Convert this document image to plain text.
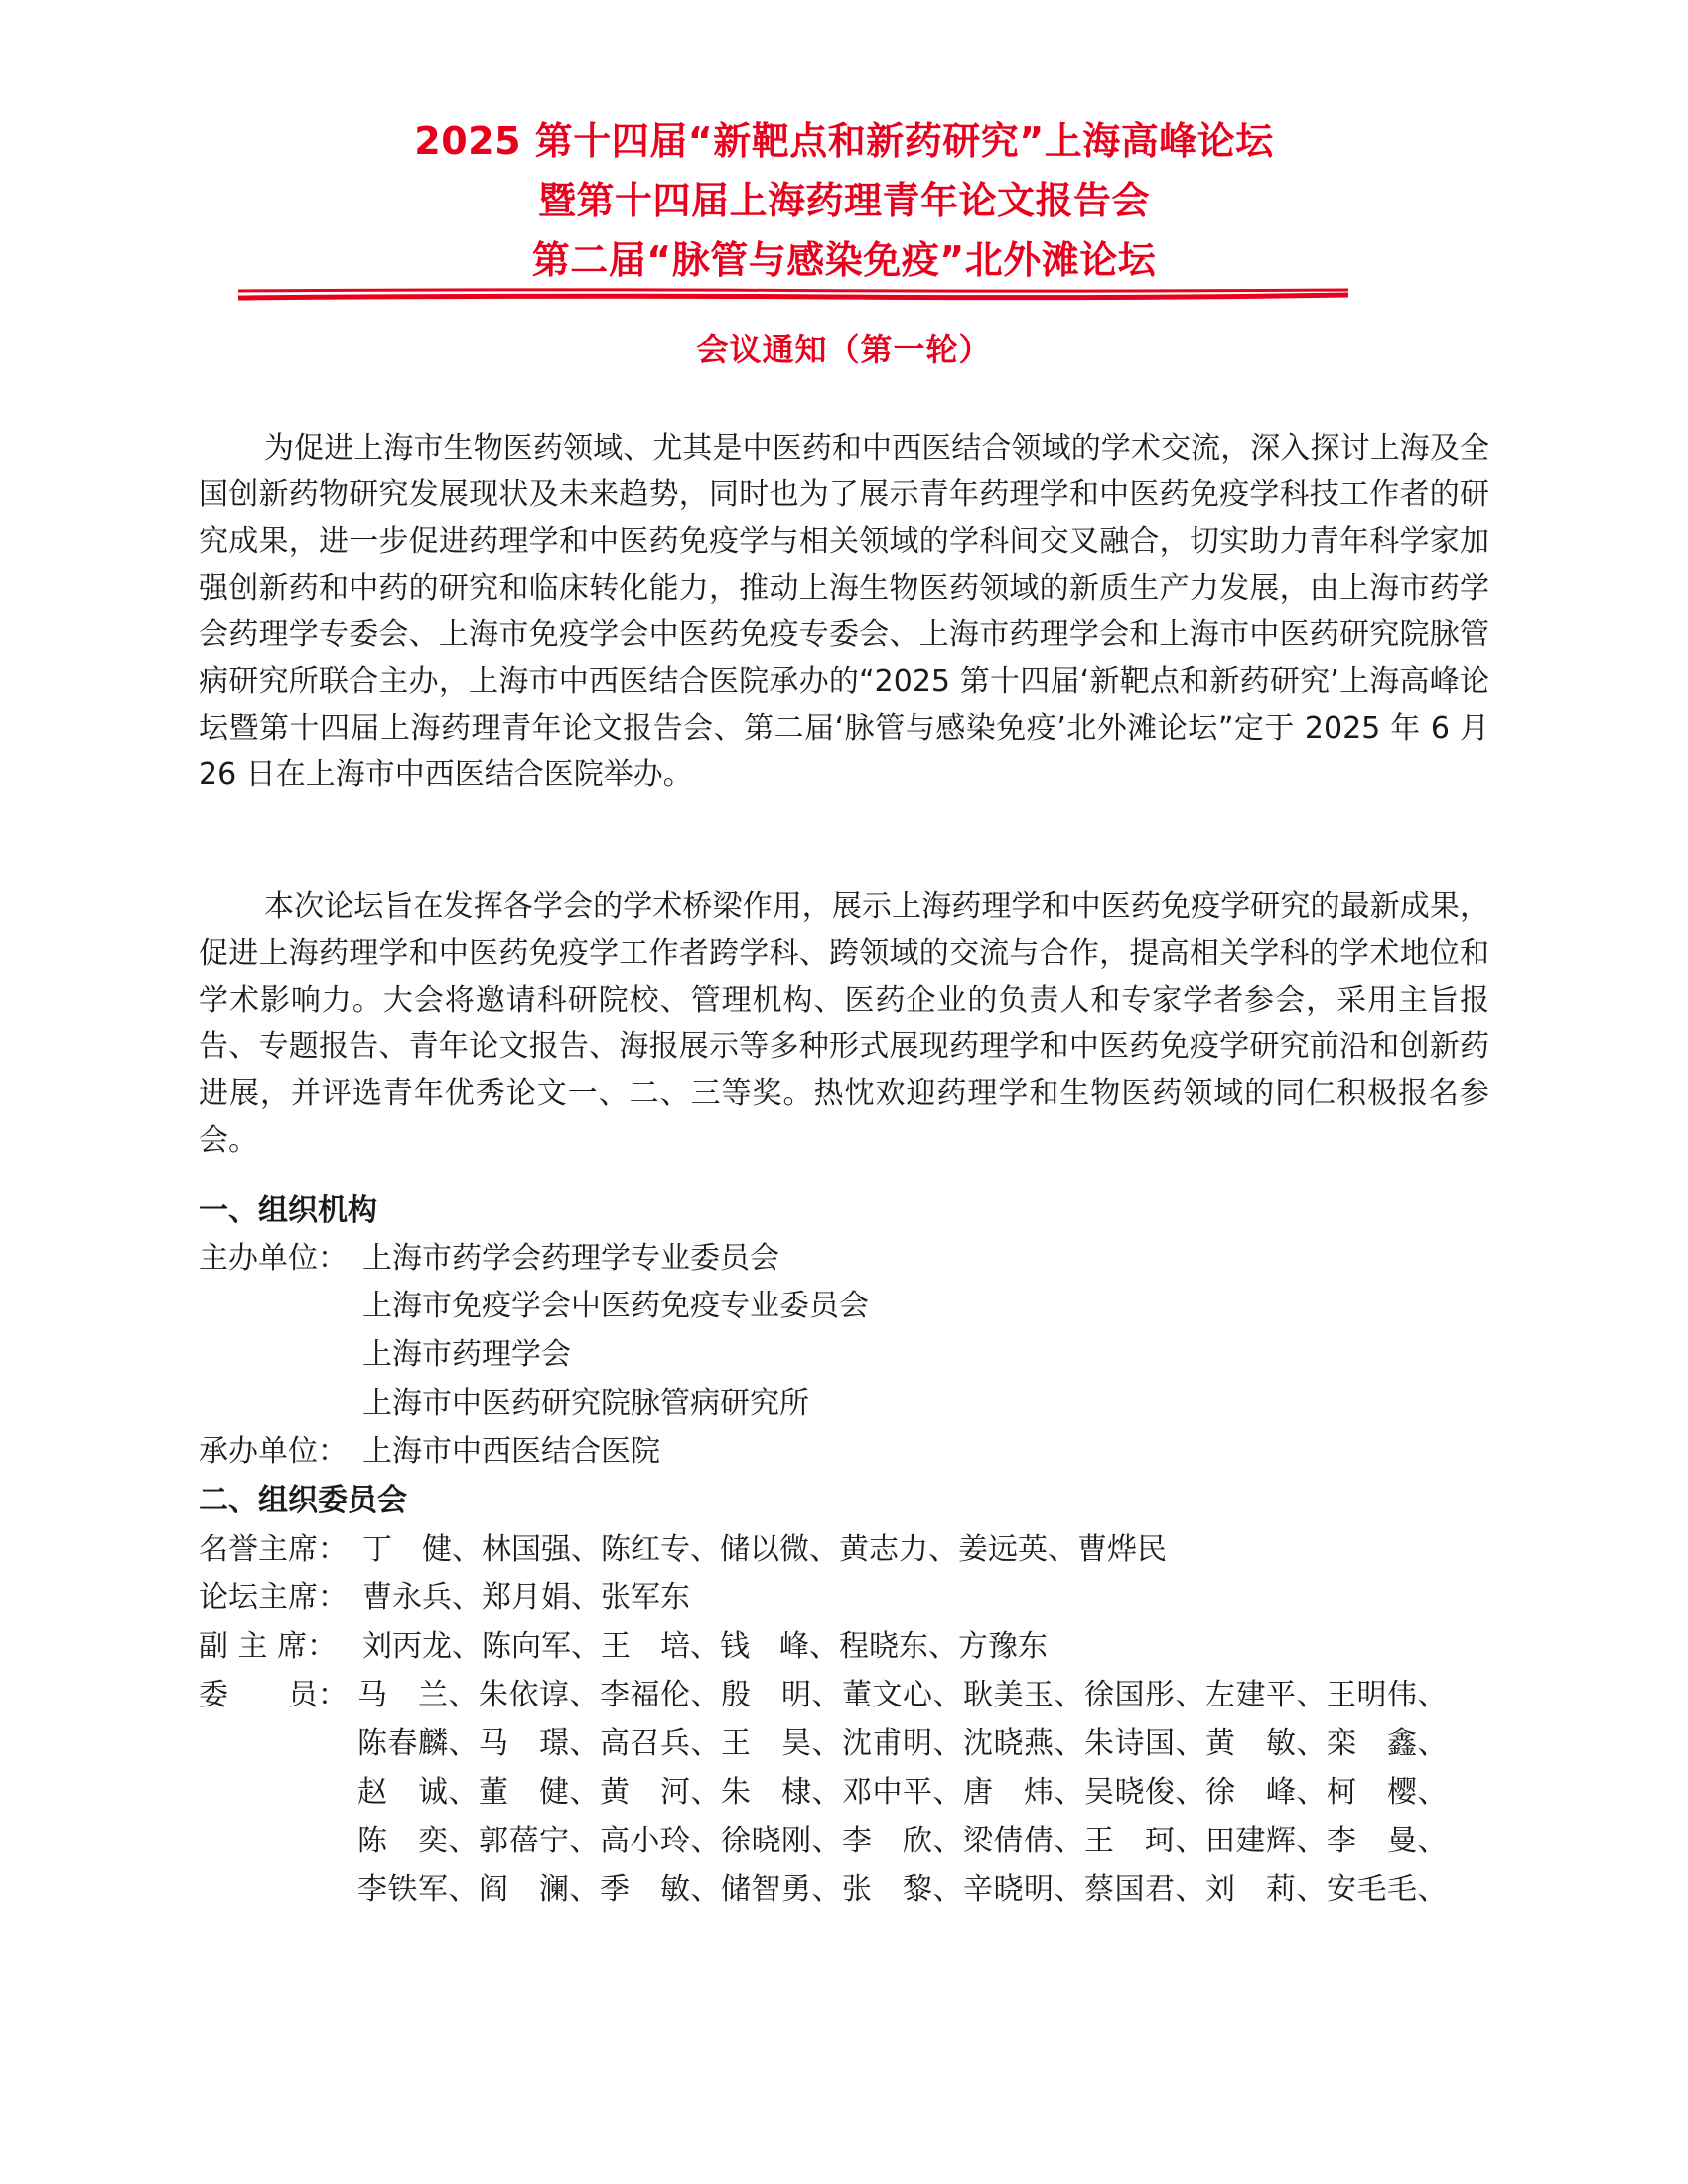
2025 第十四届“新靶点和新药研究”上海高峰论坛
暨第十四届上海药理青年论文报告会
第二届“脉管与感染免疫”北外滩论坛
会议通知（第一轮）

为促进上海市生物医药领域、尤其是中医药和中西医结合领域的学术交流，深入探讨上海及全国创新药物研究发展现状及未来趋势，同时也为了展示青年药理学和中医药免疫学科技工作者的研究成果，进一步促进药理学和中医药免疫学与相关领域的学科间交叉融合，切实助力青年科学家加强创新药和中药的研究和临床转化能力，推动上海生物医药领域的新质生产力发展，由上海市药学会药理学专委会、上海市免疫学会中医药免疫专委会、上海市药理学会和上海市中医药研究院脉管病研究所联合主办，上海市中西医结合医院承办的“2025 第十四届‘新靶点和新药研究’上海高峰论坛暨第十四届上海药理青年论文报告会、第二届‘脉管与感染免疫’北外滩论坛”定于 2025 年 6 月 26 日在上海市中西医结合医院举办。

本次论坛旨在发挥各学会的学术桥梁作用，展示上海药理学和中医药免疫学研究的最新成果，促进上海药理学和中医药免疫学工作者跨学科、跨领域的交流与合作，提高相关学科的学术地位和学术影响力。大会将邀请科研院校、管理机构、医药企业的负责人和专家学者参会，采用主旨报告、专题报告、青年论文报告、海报展示等多种形式展现药理学和中医药免疫学研究前沿和创新药进展，并评选青年优秀论文一、二、三等奖。热忱欢迎药理学和生物医药领域的同仁积极报名参会。

一、组织机构
主办单位： 上海市药学会药理学专业委员会
上海市免疫学会中医药免疫专业委员会
上海市药理学会
上海市中医药研究院脉管病研究所
承办单位： 上海市中西医结合医院
二、组织委员会
名誉主席： 丁　健、林国强、陈红专、储以微、黄志力、姜远英、曹烨民
论坛主席： 曹永兵、郑月娟、张军东
副 主 席： 刘丙龙、陈向军、王　培、钱　峰、程晓东、方豫东
委　　员： 马　兰、朱依谆、李福伦、殷　明、董文心、耿美玉、徐国彤、左建平、王明伟、
陈春麟、马　璟、高召兵、王　昊、沈甫明、沈晓燕、朱诗国、黄　敏、栾　鑫、
赵　诚、董　健、黄　河、朱　棣、邓中平、唐　炜、吴晓俊、徐　峰、柯　樱、
陈　奕、郭蓓宁、高小玲、徐晓刚、李　欣、梁倩倩、王　珂、田建辉、李　曼、
李铁军、阎　澜、季　敏、储智勇、张　黎、辛晓明、蔡国君、刘　莉、安毛毛、
